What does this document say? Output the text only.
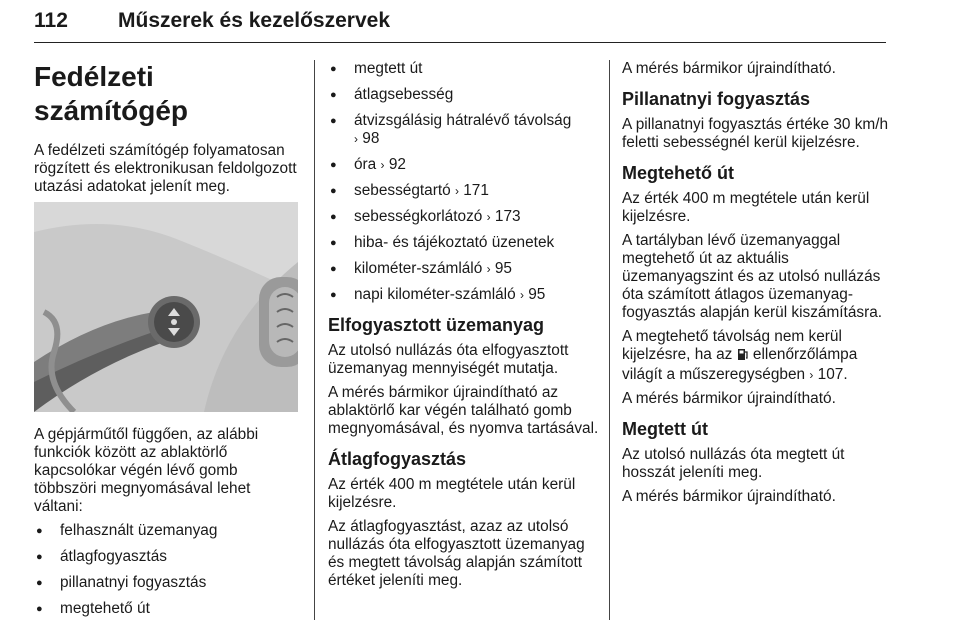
112 Műszerek és kezelőszervek
Fedélzeti számítógép

A fedélzeti számítógép folyamatosan rögzített és elektronikusan feldolgozott utazási adatokat jelenít meg.

A gépjárműtől függően, az alábbi funkciók között az ablaktörlő kapcsolókar végén lévő gomb többszöri megnyomásával lehet váltani:

● felhasznált üzemanyag
● átlagfogyasztás
● pillanatnyi fogyasztás
● megtehető út
● megtett út
● átlagsebesség
● átvizsgálásig hátralévő távolság
› 98
● óra › 92
● sebességtartó › 171
● sebességkorlátozó › 173
● hiba- és tájékoztató üzenetek
● kilométer-számláló › 95
● napi kilométer-számláló › 95
Elfogyasztott üzemanyag

Az utolsó nullázás óta elfogyasztott üzemanyag mennyiségét mutatja.

A mérés bármikor újraindítható az ablaktörlő kar végén található gomb megnyomásával, és nyomva tartásával.

Átlagfogyasztás

Az érték 400 m megtétele után kerül kijelzésre.

Az átlagfogyasztást, azaz az utolsó nullázás óta elfogyasztott üzemanyag és megtett távolság alapján számított értéket jeleníti meg.

A mérés bármikor újraindítható.

Pillanatnyi fogyasztás

A pillanatnyi fogyasztás értéke 30 km/h feletti sebességnél kerül kijelzésre.

Megtehető út

Az érték 400 m megtétele után kerül kijelzésre.

A tartályban lévő üzemanyaggal megtehető út az aktuális üzemanyagszint és az utolsó nullázás óta számított átlagos üzemanyag-fogyasztás alapján kerül kiszámításra.

A megtehető távolság nem kerül kijelzésre, ha az ellenőrzőlámpa világít a műszeregységben › 107.

A mérés bármikor újraindítható.

Megtett út

Az utolsó nullázás óta megtett út hosszát jeleníti meg.

A mérés bármikor újraindítható.
